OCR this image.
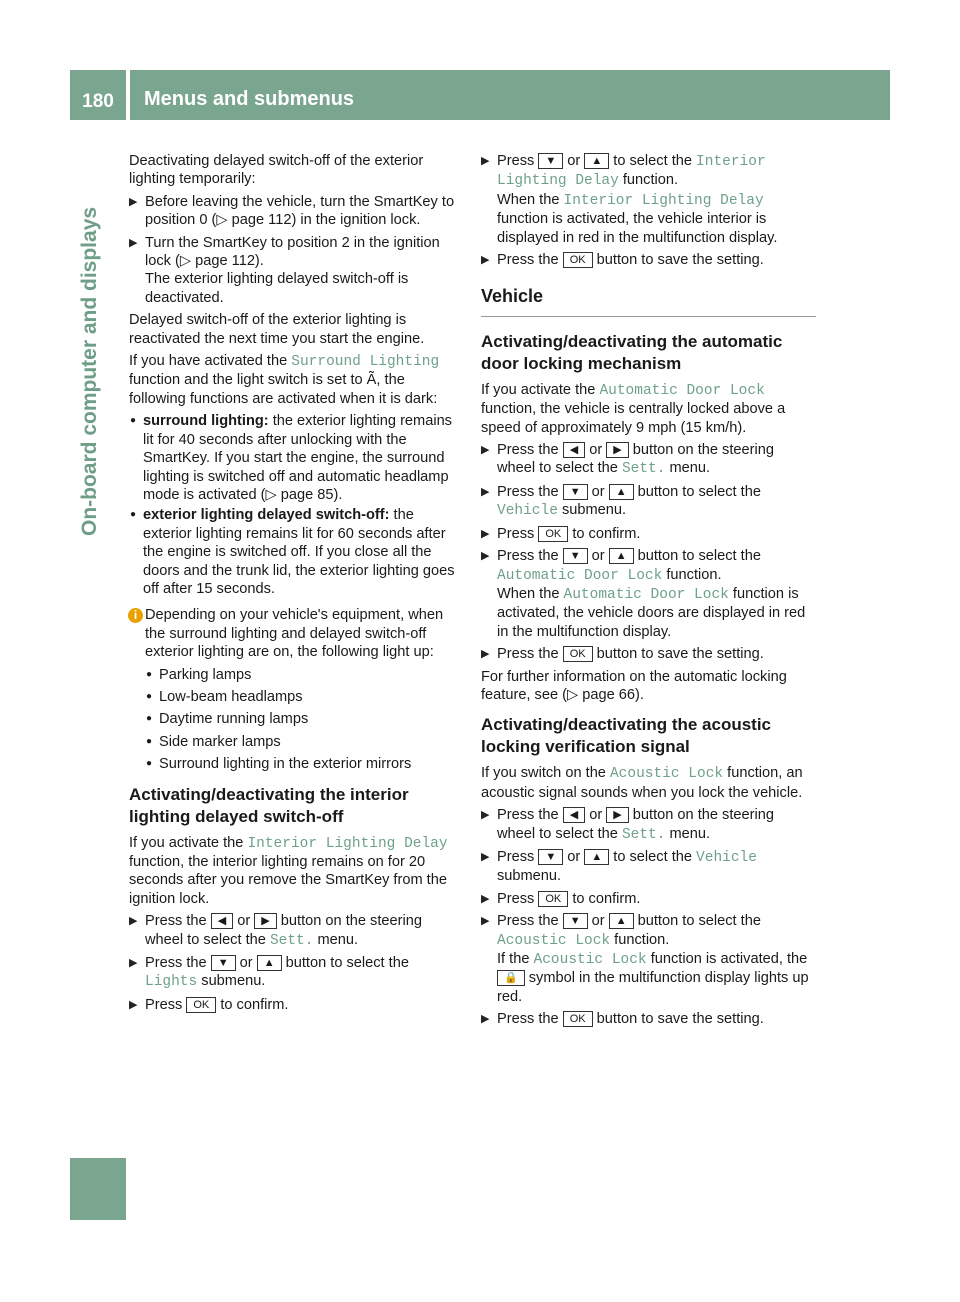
180	Menus and submenus
On-board computer and displays

Deactivating delayed switch-off of the exterior lighting temporarily:

▶ Before leaving the vehicle, turn the SmartKey to position 0 (▷ page 112) in the ignition lock.
▶ Turn the SmartKey to position 2 in the ignition lock (▷ page 112).
The exterior lighting delayed switch-off is deactivated.

Delayed switch-off of the exterior lighting is reactivated the next time you start the engine.

If you have activated the Surround Lighting function and the light switch is set to Ã, the following functions are activated when it is dark:

● surround lighting: the exterior lighting remains lit for 40 seconds after unlocking with the SmartKey. If you start the engine, the surround lighting is switched off and automatic headlamp mode is activated (▷ page 85).
● exterior lighting delayed switch-off: the exterior lighting remains lit for 60 seconds after the engine is switched off. If you close all the doors and the trunk lid, the exterior lighting goes off after 15 seconds.
i Depending on your vehicle's equipment, when the surround lighting and delayed switch-off exterior lighting are on, the following light up:
● Parking lamps
● Low-beam headlamps
● Daytime running lamps
● Side marker lamps
● Surround lighting in the exterior mirrors
Activating/deactivating the interior lighting delayed switch-off

If you activate the Interior Lighting Delay function, the interior lighting remains on for 20 seconds after you remove the SmartKey from the ignition lock.

▶ Press the ◀ or ▶ button on the steering wheel to select the Sett. menu.
▶ Press the ▼ or ▲ button to select the Lights submenu.
▶ Press OK to confirm.
▶ Press ▼ or ▲ to select the Interior Lighting Delay function.
When the Interior Lighting Delay function is activated, the vehicle interior is displayed in red in the multifunction display.
▶ Press the OK button to save the setting.
Vehicle
Activating/deactivating the automatic door locking mechanism

If you activate the Automatic Door Lock function, the vehicle is centrally locked above a speed of approximately 9 mph (15 km/h).

▶ Press the ◀ or ▶ button on the steering wheel to select the Sett. menu.
▶ Press the ▼ or ▲ button to select the Vehicle submenu.
▶ Press OK to confirm.
▶ Press the ▼ or ▲ button to select the Automatic Door Lock function.
When the Automatic Door Lock function is activated, the vehicle doors are displayed in red in the multifunction display.
▶ Press the OK button to save the setting.

For further information on the automatic locking feature, see (▷ page 66).

Activating/deactivating the acoustic locking verification signal

If you switch on the Acoustic Lock function, an acoustic signal sounds when you lock the vehicle.

▶ Press the ◀ or ▶ button on the steering wheel to select the Sett. menu.
▶ Press ▼ or ▲ to select the Vehicle submenu.
▶ Press OK to confirm.
▶ Press the ▼ or ▲ button to select the Acoustic Lock function.
If the Acoustic Lock function is activated, the 🔒 symbol in the multifunction display lights up red.
▶ Press the OK button to save the setting.
